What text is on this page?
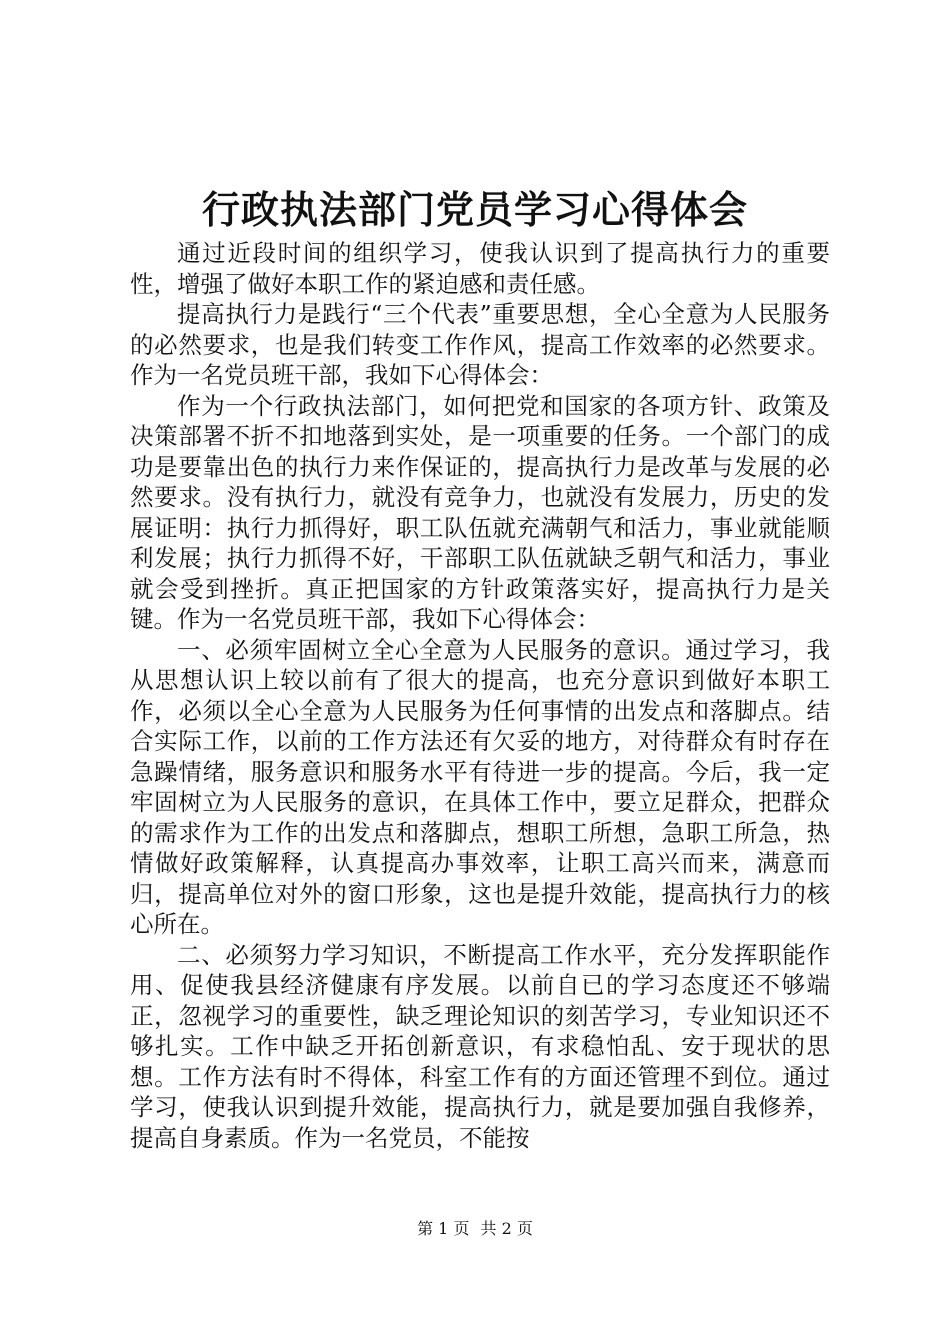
行政执法部门党员学习心得体会

通过近段时间的组织学习，使我认识到了提高执行力的重要性，增强了做好本职工作的紧迫感和责任感。

提高执行力是践行“三个代表”重要思想，全心全意为人民服务的必然要求，也是我们转变工作作风，提高工作效率的必然要求。作为一名党员班干部，我如下心得体会：

作为一个行政执法部门，如何把党和国家的各项方针、政策及决策部署不折不扣地落到实处，是一项重要的任务。一个部门的成功是要靠出色的执行力来作保证的，提高执行力是改革与发展的必然要求。没有执行力，就没有竞争力，也就没有发展力，历史的发展证明：执行力抓得好，职工队伍就充满朝气和活力，事业就能顺利发展；执行力抓得不好，干部职工队伍就缺乏朝气和活力，事业就会受到挫折。真正把国家的方针政策落实好，提高执行力是关键。作为一名党员班干部，我如下心得体会：

一、必须牢固树立全心全意为人民服务的意识。通过学习，我从思想认识上较以前有了很大的提高，也充分意识到做好本职工作，必须以全心全意为人民服务为任何事情的出发点和落脚点。结合实际工作，以前的工作方法还有欠妥的地方，对待群众有时存在急躁情绪，服务意识和服务水平有待进一步的提高。今后，我一定牢固树立为人民服务的意识，在具体工作中，要立足群众，把群众的需求作为工作的出发点和落脚点，想职工所想，急职工所急，热情做好政策解释，认真提高办事效率，让职工高兴而来，满意而归，提高单位对外的窗口形象，这也是提升效能，提高执行力的核心所在。

二、必须努力学习知识，不断提高工作水平，充分发挥职能作用、促使我县经济健康有序发展。以前自已的学习态度还不够端正，忽视学习的重要性，缺乏理论知识的刻苦学习，专业知识还不够扎实。工作中缺乏开拓创新意识，有求稳怕乱、安于现状的思想。工作方法有时不得体，科室工作有的方面还管理不到位。通过学习，使我认识到提升效能，提高执行力，就是要加强自我修养，提高自身素质。作为一名党员，不能按

第 1 页 共 2 页
